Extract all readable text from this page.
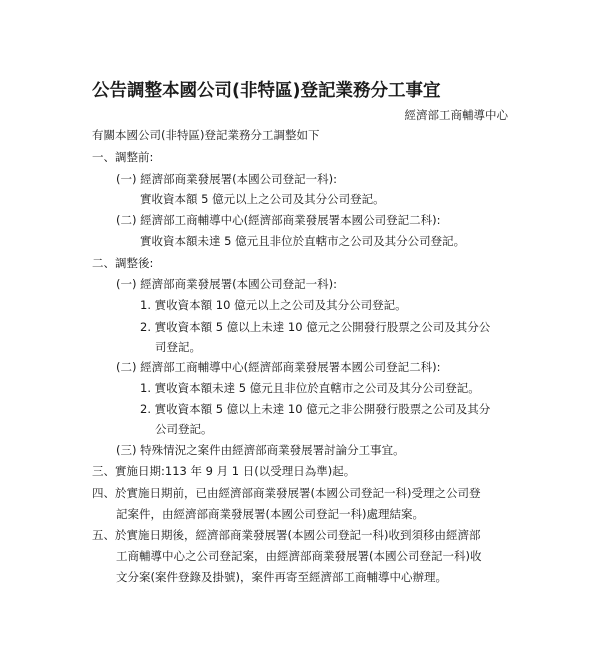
公告調整本國公司(非特區)登記業務分工事宜
經濟部工商輔導中心
有關本國公司(非特區)登記業務分工調整如下
一、調整前:
(一) 經濟部商業發展署(本國公司登記一科):
實收資本額 5 億元以上之公司及其分公司登記。
(二) 經濟部工商輔導中心(經濟部商業發展署本國公司登記二科):
實收資本額未達 5 億元且非位於直轄市之公司及其分公司登記。
二、調整後:
(一) 經濟部商業發展署(本國公司登記一科):
1. 實收資本額 10 億元以上之公司及其分公司登記。
2. 實收資本額 5 億以上未達 10 億元之公開發行股票之公司及其分公
司登記。
(二) 經濟部工商輔導中心(經濟部商業發展署本國公司登記二科):
1. 實收資本額未達 5 億元且非位於直轄市之公司及其分公司登記。
2. 實收資本額 5 億以上未達 10 億元之非公開發行股票之公司及其分
公司登記。
(三) 特殊情況之案件由經濟部商業發展署討論分工事宜。
三、實施日期:113 年 9 月 1 日(以受理日為準)起。
四、於實施日期前，已由經濟部商業發展署(本國公司登記一科)受理之公司登
記案件，由經濟部商業發展署(本國公司登記一科)處理結案。
五、於實施日期後，經濟部商業發展署(本國公司登記一科)收到須移由經濟部
工商輔導中心之公司登記案，由經濟部商業發展署(本國公司登記一科)收
文分案(案件登錄及掛號)，案件再寄至經濟部工商輔導中心辦理。
